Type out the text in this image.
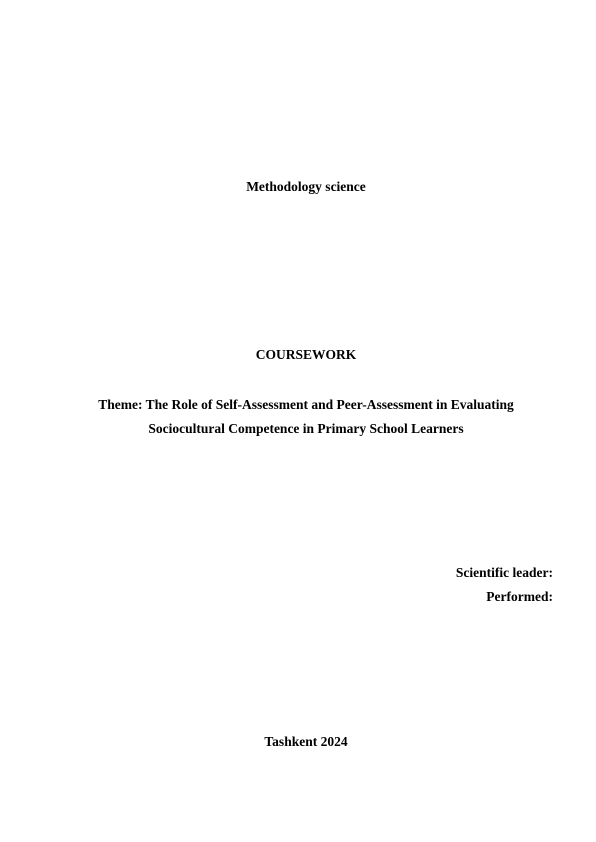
Methodology science
COURSEWORK
Theme: The Role of Self-Assessment and Peer-Assessment in Evaluating
Sociocultural Competence in Primary School Learners
Scientific leader:
Performed:
Tashkent 2024
